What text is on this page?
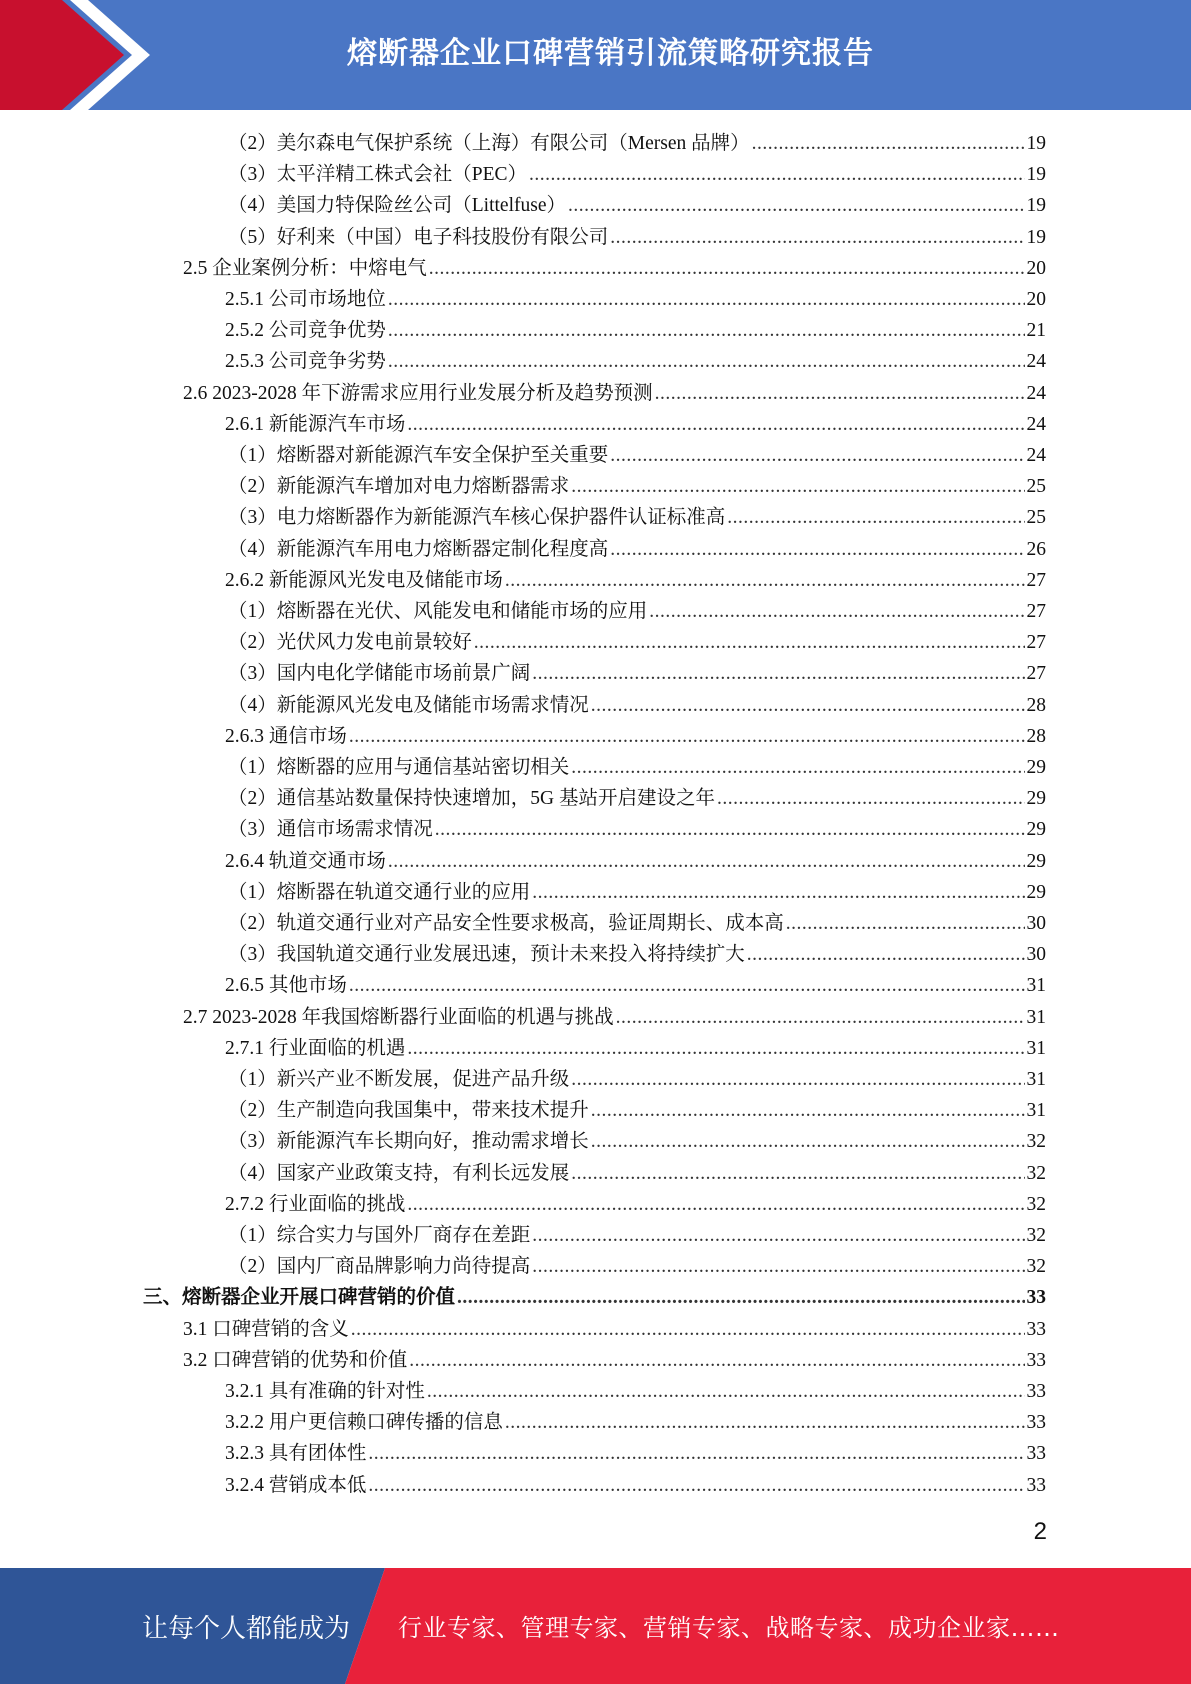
熔断器企业口碑营销引流策略研究报告
（2）美尔森电气保护系统（上海）有限公司（Mersen 品牌） .....	19
（3）太平洋精工株式会社（PEC） .....	19
（4）美国力特保险丝公司（Littelfuse） .....	19
（5）好利来（中国）电子科技股份有限公司 .....	19
2.5 企业案例分析：中熔电气 .....	20
2.5.1 公司市场地位 .....	20
2.5.2 公司竞争优势 .....	21
2.5.3 公司竞争劣势 .....	24
2.6 2023-2028 年下游需求应用行业发展分析及趋势预测 .....	24
2.6.1 新能源汽车市场 .....	24
（1）熔断器对新能源汽车安全保护至关重要 .....	24
（2）新能源汽车增加对电力熔断器需求 .....	25
（3）电力熔断器作为新能源汽车核心保护器件认证标准高 .....	25
（4）新能源汽车用电力熔断器定制化程度高 .....	26
2.6.2 新能源风光发电及储能市场 .....	27
（1）熔断器在光伏、风能发电和储能市场的应用 .....	27
（2）光伏风力发电前景较好 .....	27
（3）国内电化学储能市场前景广阔 .....	27
（4）新能源风光发电及储能市场需求情况 .....	28
2.6.3 通信市场 .....	28
（1）熔断器的应用与通信基站密切相关 .....	29
（2）通信基站数量保持快速增加，5G 基站开启建设之年 .....	29
（3）通信市场需求情况 .....	29
2.6.4 轨道交通市场 .....	29
（1）熔断器在轨道交通行业的应用 .....	29
（2）轨道交通行业对产品安全性要求极高，验证周期长、成本高 .....	30
（3）我国轨道交通行业发展迅速，预计未来投入将持续扩大 .....	30
2.6.5 其他市场 .....	31
2.7 2023-2028 年我国熔断器行业面临的机遇与挑战 .....	31
2.7.1 行业面临的机遇 .....	31
（1）新兴产业不断发展，促进产品升级 .....	31
（2）生产制造向我国集中，带来技术提升 .....	31
（3）新能源汽车长期向好，推动需求增长 .....	32
（4）国家产业政策支持，有利长远发展 .....	32
2.7.2 行业面临的挑战 .....	32
（1）综合实力与国外厂商存在差距 .....	32
（2）国内厂商品牌影响力尚待提高 .....	32
三、熔断器企业开展口碑营销的价值 .....	33
3.1 口碑营销的含义 .....	33
3.2 口碑营销的优势和价值 .....	33
3.2.1 具有准确的针对性 .....	33
3.2.2 用户更信赖口碑传播的信息 .....	33
3.2.3 具有团体性 .....	33
3.2.4 营销成本低 .....	33
2
让每个人都能成为 行业专家、管理专家、营销专家、战略专家、成功企业家……
